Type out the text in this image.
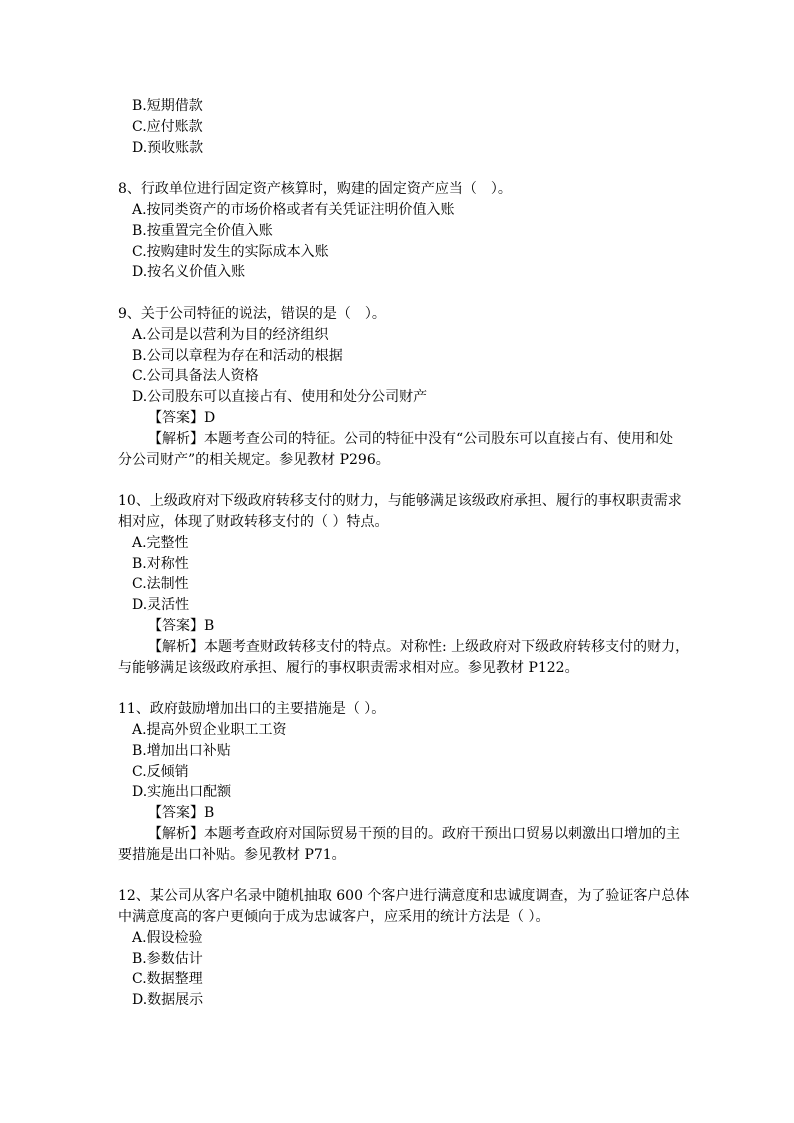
B.短期借款
C.应付账款
D.预收账款
8、行政单位进行固定资产核算时，购建的固定资产应当（　）。
A.按同类资产的市场价格或者有关凭证注明价值入账
B.按重置完全价值入账
C.按购建时发生的实际成本入账
D.按名义价值入账
9、关于公司特征的说法，错误的是（　）。
A.公司是以营利为目的经济组织
B.公司以章程为存在和活动的根据
C.公司具备法人资格
D.公司股东可以直接占有、使用和处分公司财产
【答案】D
【解析】本题考查公司的特征。公司的特征中没有“公司股东可以直接占有、使用和处
分公司财产”的相关规定。参见教材 P296。
10、上级政府对下级政府转移支付的财力，与能够满足该级政府承担、履行的事权职责需求
相对应，体现了财政转移支付的（ ）特点。
A.完整性
B.对称性
C.法制性
D.灵活性
【答案】B
【解析】本题考查财政转移支付的特点。对称性: 上级政府对下级政府转移支付的财力，
与能够满足该级政府承担、履行的事权职责需求相对应。参见教材 P122。
11、政府鼓励增加出口的主要措施是（ ）。
A.提高外贸企业职工工资
B.增加出口补贴
C.反倾销
D.实施出口配额
【答案】B
【解析】本题考查政府对国际贸易干预的目的。政府干预出口贸易以刺激出口增加的主
要措施是出口补贴。参见教材 P71。
12、某公司从客户名录中随机抽取 600 个客户进行满意度和忠诚度调查，为了验证客户总体
中满意度高的客户更倾向于成为忠诚客户，应采用的统计方法是（ ）。
A.假设检验
B.参数估计
C.数据整理
D.数据展示
